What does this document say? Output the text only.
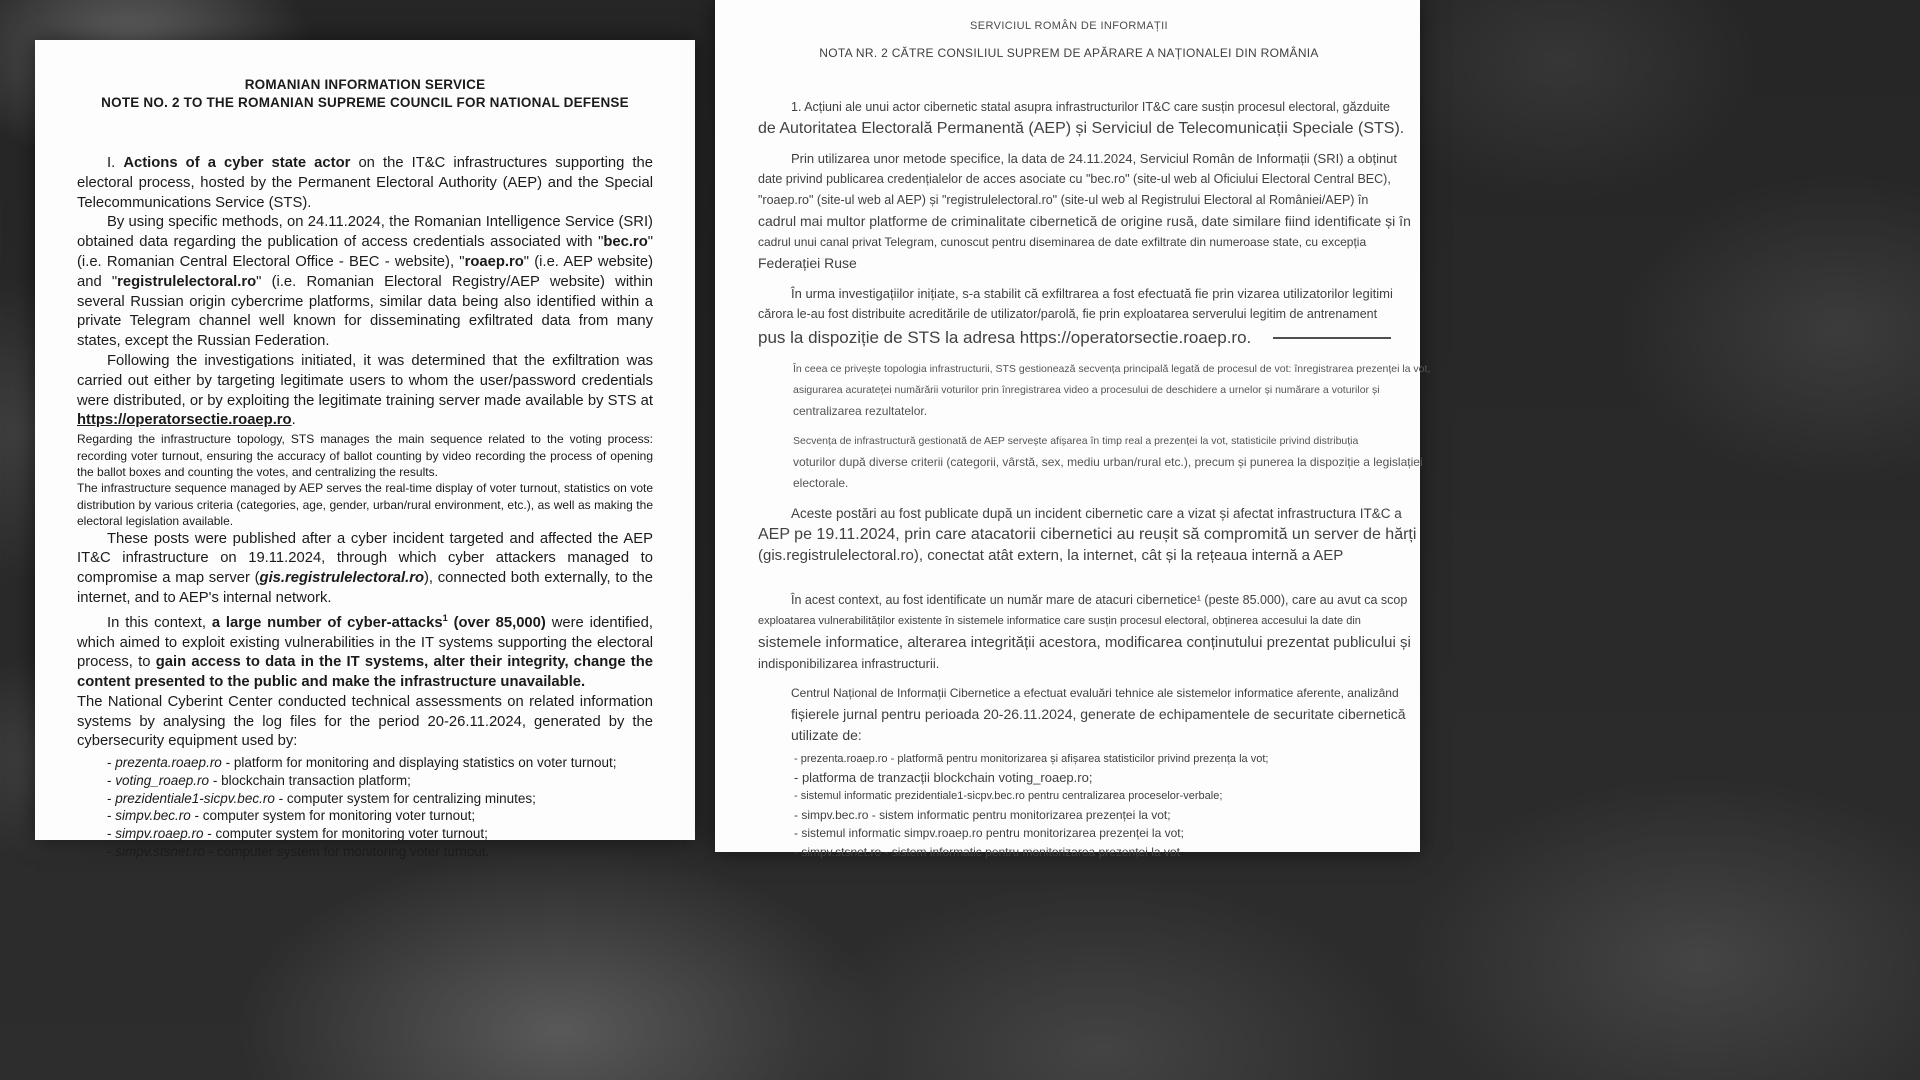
ROMANIAN INFORMATION SERVICE

NOTE NO. 2 TO THE ROMANIAN SUPREME COUNCIL FOR NATIONAL DEFENSE

I. Actions of a cyber state actor on the IT&C infrastructures supporting the electoral process, hosted by the Permanent Electoral Authority (AEP) and the Special Telecommunications Service (STS).

By using specific methods, on 24.11.2024, the Romanian Intelligence Service (SRI) obtained data regarding the publication of access credentials associated with "bec.ro" (i.e. Romanian Central Electoral Office - BEC - website), "roaep.ro" (i.e. AEP website) and "registrulelectoral.ro" (i.e. Romanian Electoral Registry/AEP website) within several Russian origin cybercrime platforms, similar data being also identified within a private Telegram channel well known for disseminating exfiltrated data from many states, except the Russian Federation.

Following the investigations initiated, it was determined that the exfiltration was carried out either by targeting legitimate users to whom the user/password credentials were distributed, or by exploiting the legitimate training server made available by STS at https://operatorsectie.roaep.ro.

Regarding the infrastructure topology, STS manages the main sequence related to the voting process: recording voter turnout, ensuring the accuracy of ballot counting by video recording the process of opening the ballot boxes and counting the votes, and centralizing the results.

The infrastructure sequence managed by AEP serves the real-time display of voter turnout, statistics on vote distribution by various criteria (categories, age, gender, urban/rural environment, etc.), as well as making the electoral legislation available.

These posts were published after a cyber incident targeted and affected the AEP IT&C infrastructure on 19.11.2024, through which cyber attackers managed to compromise a map server (gis.registrulelectoral.ro), connected both externally, to the internet, and to AEP's internal network.

In this context, a large number of cyber-attacks$^1$ (over 85,000) were identified, which aimed to exploit existing vulnerabilities in the IT systems supporting the electoral process, to gain access to data in the IT systems, alter their integrity, change the content presented to the public and make the infrastructure unavailable.

The National Cyberint Center conducted technical assessments on related information systems by analysing the log files for the period 20-26.11.2024, generated by the cybersecurity equipment used by:

- prezenta.roaep.ro - platform for monitoring and displaying statistics on voter turnout;
- voting_roaep.ro - blockchain transaction platform;
- prezidentiale1-sicpv.bec.ro - computer system for centralizing minutes;
- simpv.bec.ro - computer system for monitoring voter turnout;
- simpv.roaep.ro - computer system for monitoring voter turnout;
- simpv.stsnet.ro - computer system for monitoring voter turnout.
SERVICIUL ROMÂN DE INFORMAȚII
NOTA NR. 2 CĂTRE CONSILIUL SUPREM DE APĂRARE A NAȚIONALEI DIN ROMÂNIA
1. Acțiuni ale unui actor cibernetic statal asupra infrastructurilor IT&C care susțin procesul electoral, găzduite
de Autoritatea Electorală Permanentă (AEP) și Serviciul de Telecomunicații Speciale (STS).
Prin utilizarea unor metode specifice, la data de 24.11.2024, Serviciul Român de Informații (SRI) a obținut
date privind publicarea credențialelor de acces asociate cu "bec.ro" (site-ul web al Oficiului Electoral Central BEC),
"roaep.ro" (site-ul web al AEP) și "registrulelectoral.ro" (site-ul web al Registrului Electoral al României/AEP) în
cadrul mai multor platforme de criminalitate cibernetică de origine rusă, date similare fiind identificate și în
cadrul unui canal privat Telegram, cunoscut pentru diseminarea de date exfiltrate din numeroase state, cu excepția
Federației Ruse
În urma investigațiilor inițiate, s-a stabilit că exfiltrarea a fost efectuată fie prin vizarea utilizatorilor legitimi
cărora le-au fost distribuite acreditările de utilizator/parolă, fie prin exploatarea serverului legitim de antrenament
pus la dispoziție de STS la adresa https://operatorsectie.roaep.ro.
În ceea ce privește topologia infrastructurii, STS gestionează secvența principală legată de procesul de vot: înregistrarea prezenței la vot,
asigurarea acurateței numărării voturilor prin înregistrarea video a procesului de deschidere a urnelor și numărare a voturilor și
centralizarea rezultatelor.
Secvența de infrastructură gestionată de AEP servește afișarea în timp real a prezenței la vot, statisticile privind distribuția
voturilor după diverse criterii (categorii, vârstă, sex, mediu urban/rural etc.), precum și punerea la dispoziție a legislației
electorale.
Aceste postări au fost publicate după un incident cibernetic care a vizat și afectat infrastructura IT&C a
AEP pe 19.11.2024, prin care atacatorii cibernetici au reușit să compromită un server de hărți
(gis.registrulelectoral.ro), conectat atât extern, la internet, cât și la rețeaua internă a AEP
În acest context, au fost identificate un număr mare de atacuri cibernetice¹ (peste 85.000), care au avut ca scop
exploatarea vulnerabilităților existente în sistemele informatice care susțin procesul electoral, obținerea accesului la date din
sistemele informatice, alterarea integrității acestora, modificarea conținutului prezentat publicului și
indisponibilizarea infrastructurii.
Centrul Național de Informații Cibernetice a efectuat evaluări tehnice ale sistemelor informatice aferente, analizând
fișierele jurnal pentru perioada 20-26.11.2024, generate de echipamentele de securitate cibernetică
utilizate de:
- prezenta.roaep.ro - platformă pentru monitorizarea și afișarea statisticilor privind prezența la vot;
- platforma de tranzacții blockchain voting_roaep.ro;
- sistemul informatic prezidentiale1-sicpv.bec.ro pentru centralizarea proceselor-verbale;
- simpv.bec.ro - sistem informatic pentru monitorizarea prezenței la vot;
- sistemul informatic simpv.roaep.ro pentru monitorizarea prezenței la vot;
- simpv.stsnet.ro - sistem informatic pentru monitorizarea prezenței la vot
